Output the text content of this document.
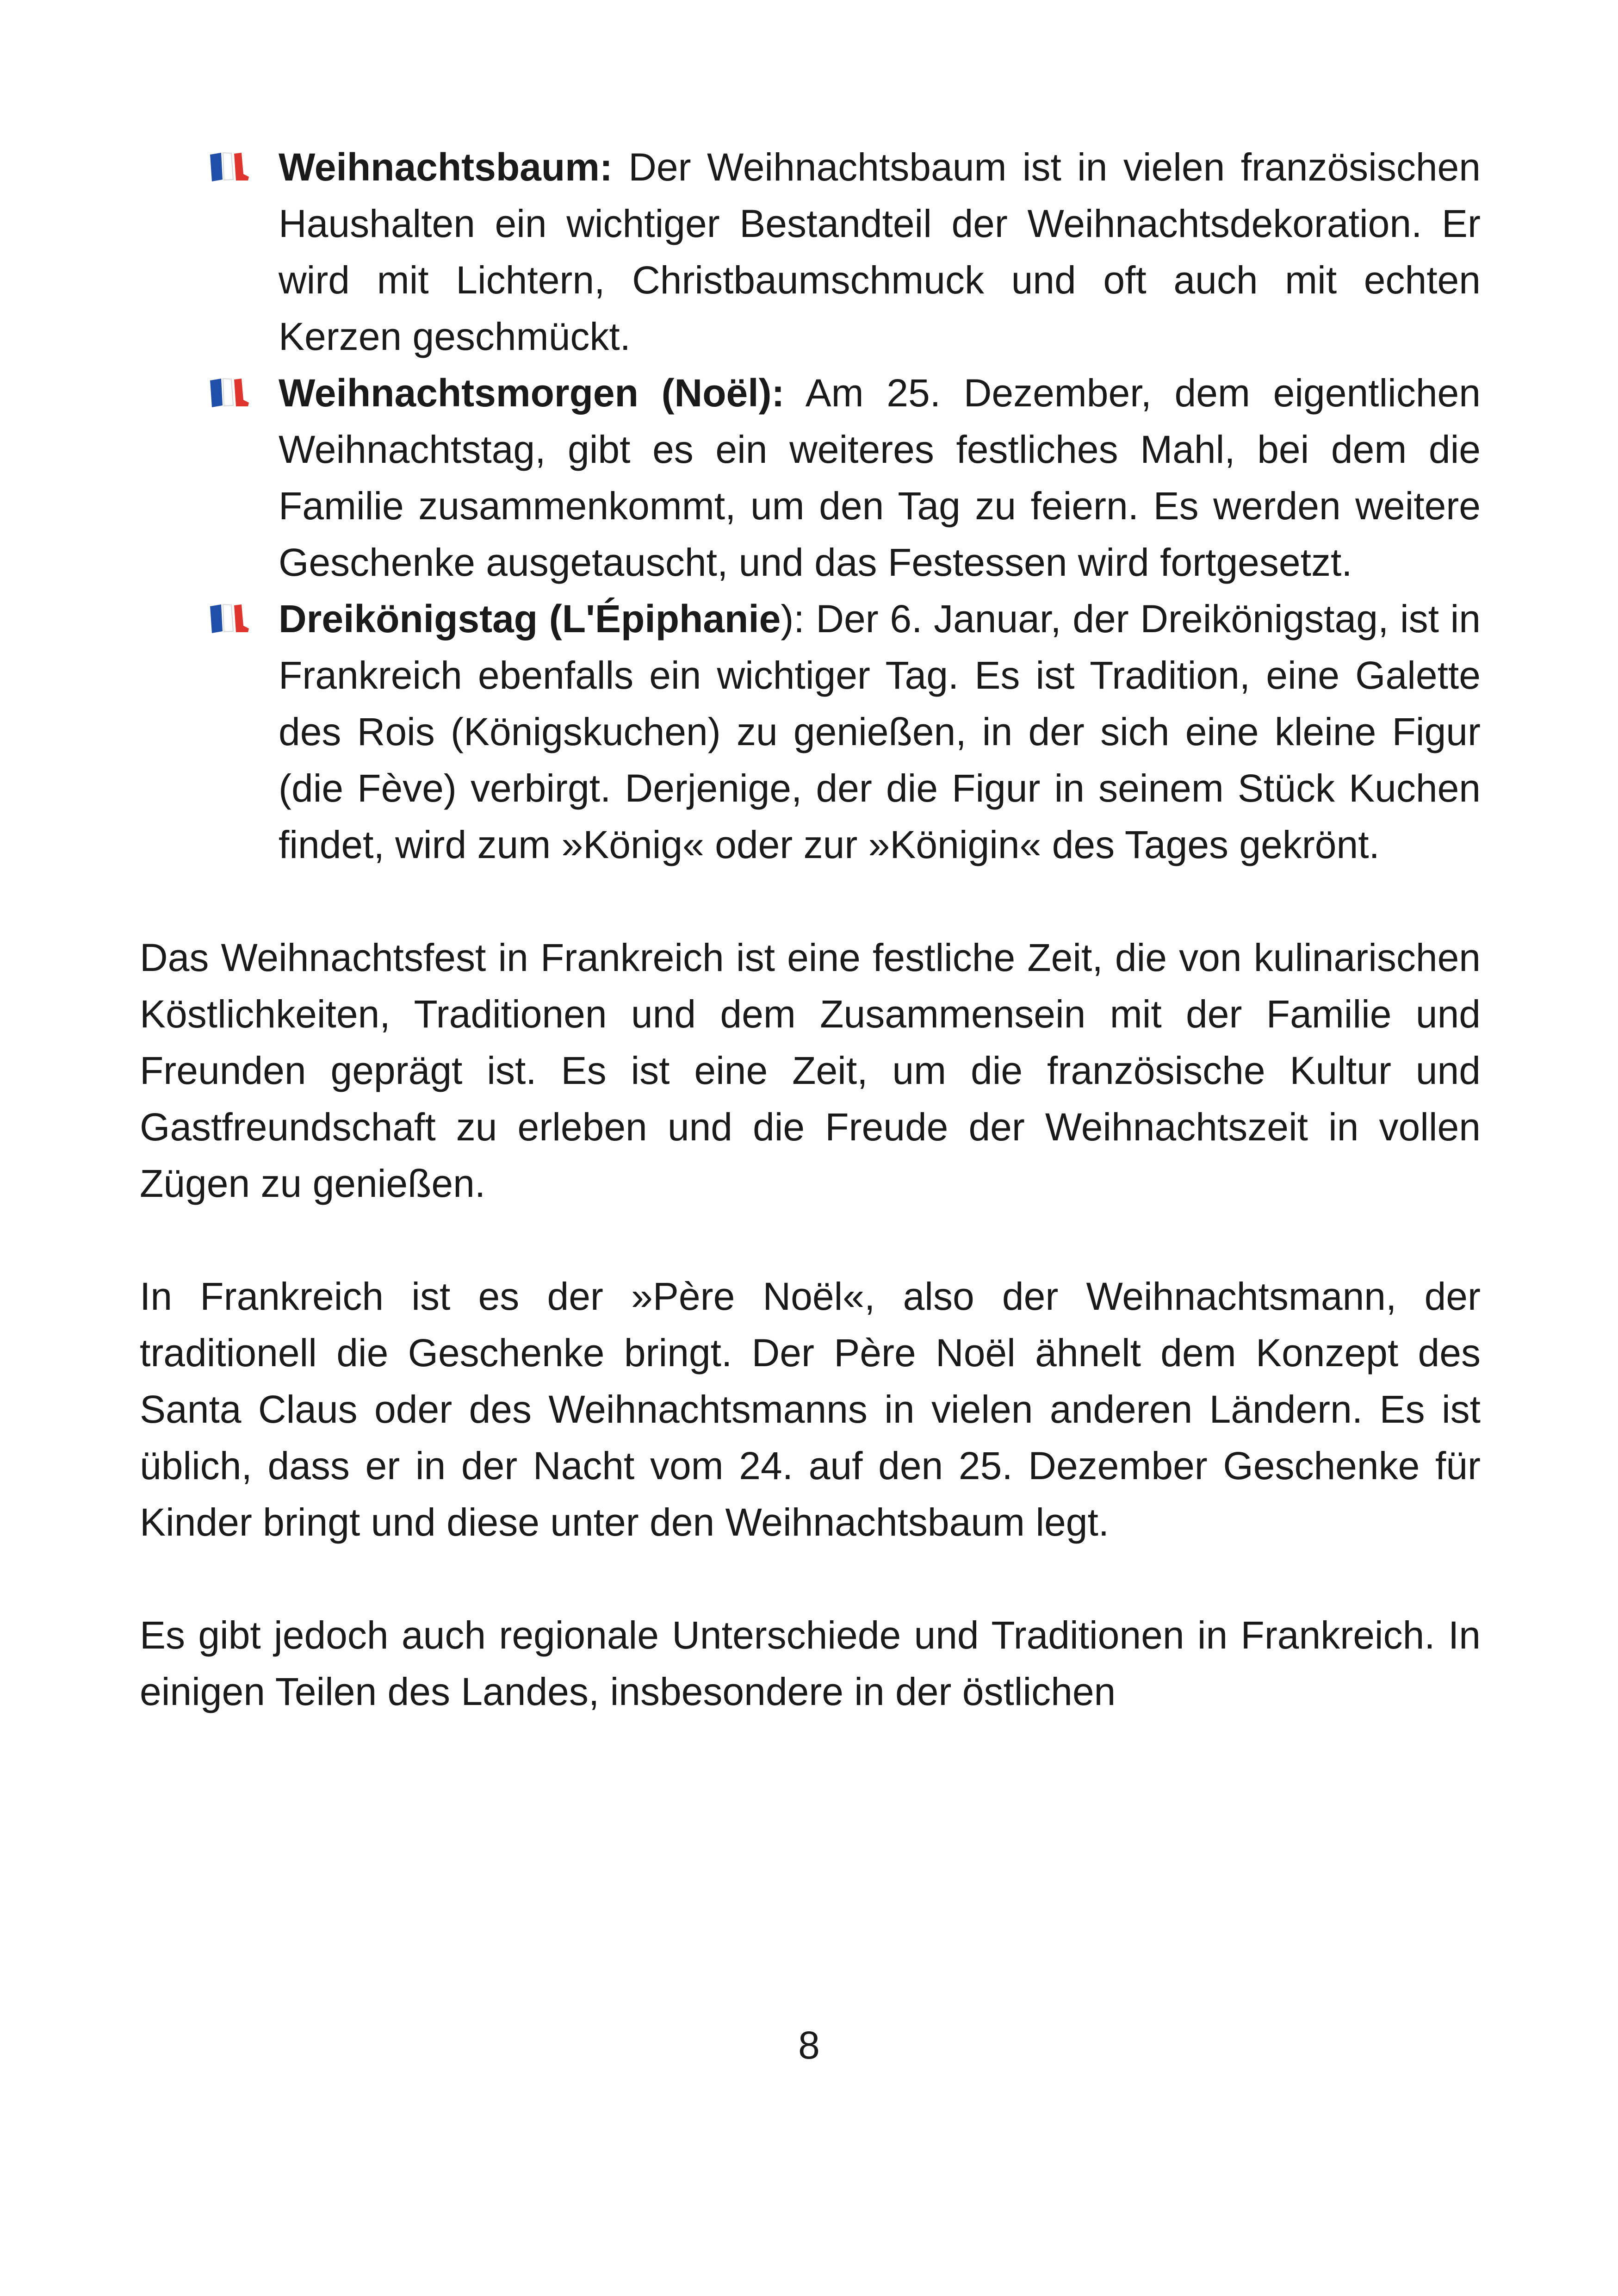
Weihnachtsbaum: Der Weihnachtsbaum ist in vielen französischen Haushalten ein wichtiger Bestandteil der Weihnachtsdekoration. Er wird mit Lichtern, Christbaumschmuck und oft auch mit echten Kerzen geschmückt.
Weihnachtsmorgen (Noël): Am 25. Dezember, dem eigentlichen Weihnachtstag, gibt es ein weiteres festliches Mahl, bei dem die Familie zusammenkommt, um den Tag zu feiern. Es werden weitere Geschenke ausgetauscht, und das Festessen wird fortgesetzt.
Dreikönigstag (L'Épiphanie): Der 6. Januar, der Dreikönigstag, ist in Frankreich ebenfalls ein wichtiger Tag. Es ist Tradition, eine Galette des Rois (Königskuchen) zu genießen, in der sich eine kleine Figur (die Fève) verbirgt. Derjenige, der die Figur in seinem Stück Kuchen findet, wird zum »König« oder zur »Königin« des Tages gekrönt.

Das Weihnachtsfest in Frankreich ist eine festliche Zeit, die von kulinarischen Köstlichkeiten, Traditionen und dem Zusammensein mit der Familie und Freunden geprägt ist. Es ist eine Zeit, um die französische Kultur und Gastfreundschaft zu erleben und die Freude der Weihnachtszeit in vollen Zügen zu genießen.

In Frankreich ist es der »Père Noël«, also der Weihnachtsmann, der traditionell die Geschenke bringt. Der Père Noël ähnelt dem Konzept des Santa Claus oder des Weihnachtsmanns in vielen anderen Ländern. Es ist üblich, dass er in der Nacht vom 24. auf den 25. Dezember Geschenke für Kinder bringt und diese unter den Weihnachtsbaum legt.

Es gibt jedoch auch regionale Unterschiede und Traditionen in Frankreich. In einigen Teilen des Landes, insbesondere in der östlichen

8
